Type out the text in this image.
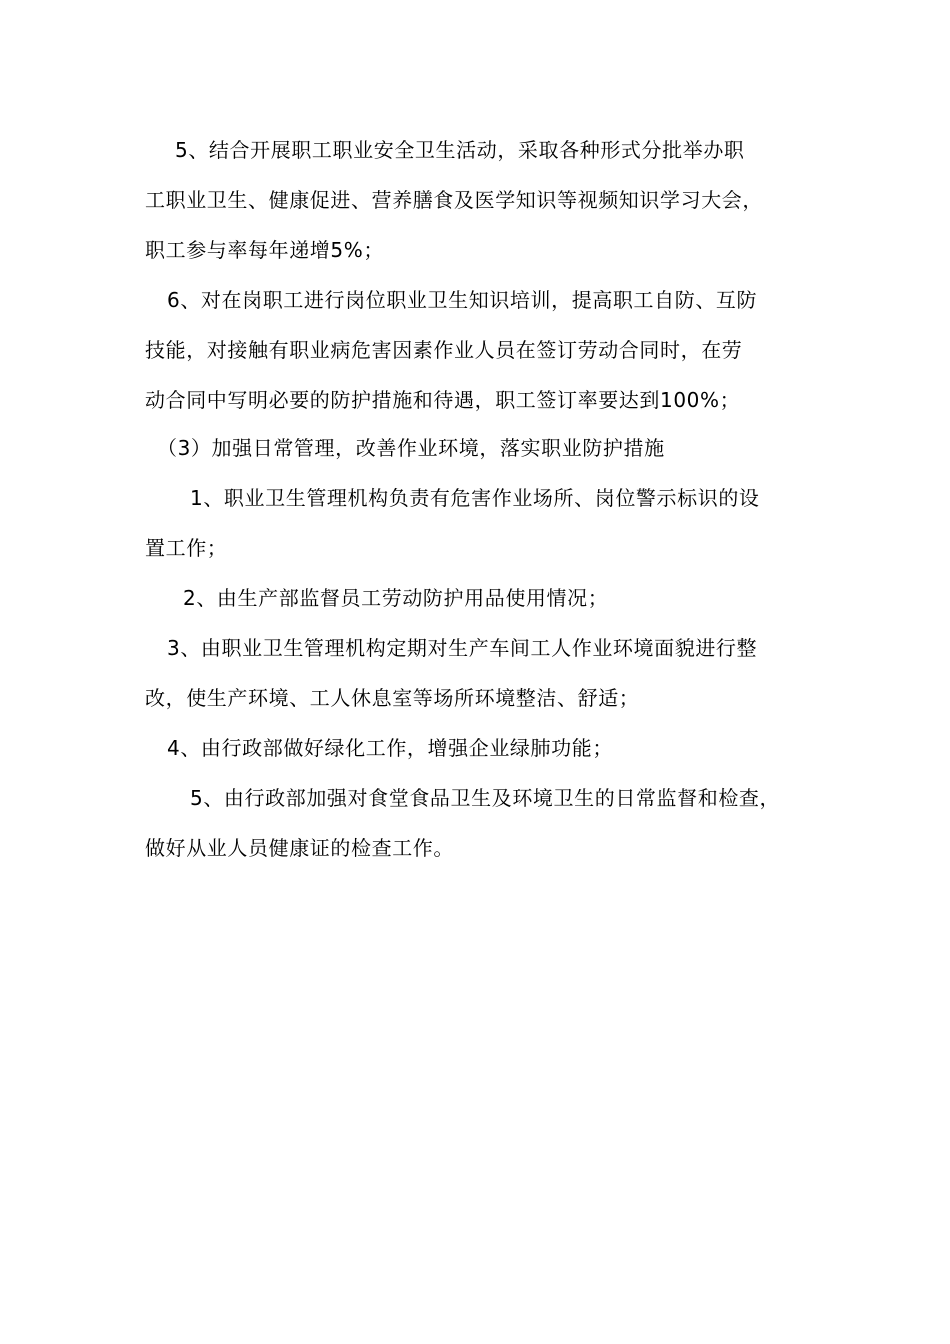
5、结合开展职工职业安全卫生活动，采取各种形式分批举办职
工职业卫生、健康促进、营养膳食及医学知识等视频知识学习大会，
职工参与率每年递增5%；
6、对在岗职工进行岗位职业卫生知识培训，提高职工自防、互防
技能，对接触有职业病危害因素作业人员在签订劳动合同时，在劳
动合同中写明必要的防护措施和待遇，职工签订率要达到100%；
（3）加强日常管理，改善作业环境，落实职业防护措施
1、职业卫生管理机构负责有危害作业场所、岗位警示标识的设
置工作；
2、由生产部监督员工劳动防护用品使用情况；
3、由职业卫生管理机构定期对生产车间工人作业环境面貌进行整
改，使生产环境、工人休息室等场所环境整洁、舒适；
4、由行政部做好绿化工作，增强企业绿肺功能；
5、由行政部加强对食堂食品卫生及环境卫生的日常监督和检查，
做好从业人员健康证的检查工作。
